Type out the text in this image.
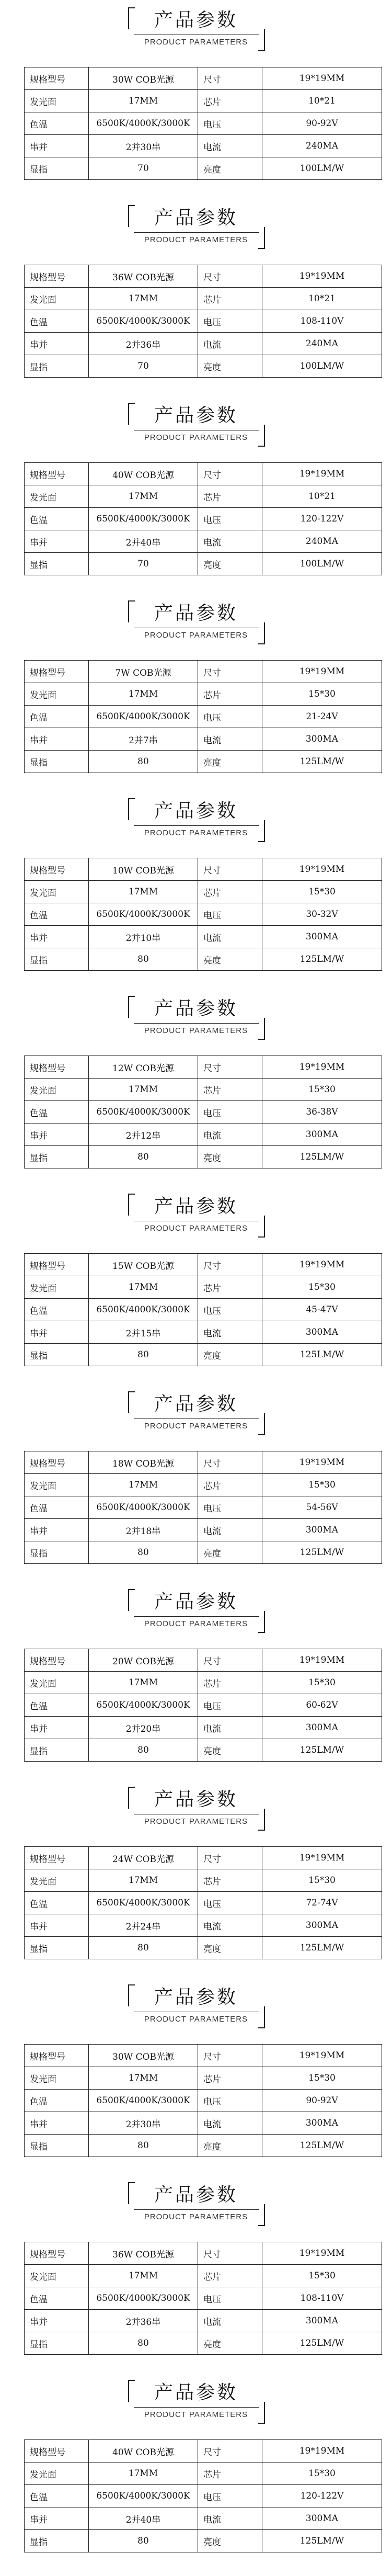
产品参数
PRODUCT PARAMETERS
规格型号	30W COB光源	尺寸	19*19MM
发光面	17MM	芯片	10*21
色温	6500K/4000K/3000K	电压	90-92V
串并	2并30串	电流	240MA
显指	70	亮度	100LM/W
产品参数
PRODUCT PARAMETERS
规格型号	36W COB光源	尺寸	19*19MM
发光面	17MM	芯片	10*21
色温	6500K/4000K/3000K	电压	108-110V
串并	2并36串	电流	240MA
显指	70	亮度	100LM/W
产品参数
PRODUCT PARAMETERS
规格型号	40W COB光源	尺寸	19*19MM
发光面	17MM	芯片	10*21
色温	6500K/4000K/3000K	电压	120-122V
串并	2并40串	电流	240MA
显指	70	亮度	100LM/W
产品参数
PRODUCT PARAMETERS
规格型号	7W COB光源	尺寸	19*19MM
发光面	17MM	芯片	15*30
色温	6500K/4000K/3000K	电压	21-24V
串并	2并7串	电流	300MA
显指	80	亮度	125LM/W
产品参数
PRODUCT PARAMETERS
规格型号	10W COB光源	尺寸	19*19MM
发光面	17MM	芯片	15*30
色温	6500K/4000K/3000K	电压	30-32V
串并	2并10串	电流	300MA
显指	80	亮度	125LM/W
产品参数
PRODUCT PARAMETERS
规格型号	12W COB光源	尺寸	19*19MM
发光面	17MM	芯片	15*30
色温	6500K/4000K/3000K	电压	36-38V
串并	2并12串	电流	300MA
显指	80	亮度	125LM/W
产品参数
PRODUCT PARAMETERS
规格型号	15W COB光源	尺寸	19*19MM
发光面	17MM	芯片	15*30
色温	6500K/4000K/3000K	电压	45-47V
串并	2并15串	电流	300MA
显指	80	亮度	125LM/W
产品参数
PRODUCT PARAMETERS
规格型号	18W COB光源	尺寸	19*19MM
发光面	17MM	芯片	15*30
色温	6500K/4000K/3000K	电压	54-56V
串并	2并18串	电流	300MA
显指	80	亮度	125LM/W
产品参数
PRODUCT PARAMETERS
规格型号	20W COB光源	尺寸	19*19MM
发光面	17MM	芯片	15*30
色温	6500K/4000K/3000K	电压	60-62V
串并	2并20串	电流	300MA
显指	80	亮度	125LM/W
产品参数
PRODUCT PARAMETERS
规格型号	24W COB光源	尺寸	19*19MM
发光面	17MM	芯片	15*30
色温	6500K/4000K/3000K	电压	72-74V
串并	2并24串	电流	300MA
显指	80	亮度	125LM/W
产品参数
PRODUCT PARAMETERS
规格型号	30W COB光源	尺寸	19*19MM
发光面	17MM	芯片	15*30
色温	6500K/4000K/3000K	电压	90-92V
串并	2并30串	电流	300MA
显指	80	亮度	125LM/W
产品参数
PRODUCT PARAMETERS
规格型号	36W COB光源	尺寸	19*19MM
发光面	17MM	芯片	15*30
色温	6500K/4000K/3000K	电压	108-110V
串并	2并36串	电流	300MA
显指	80	亮度	125LM/W
产品参数
PRODUCT PARAMETERS
规格型号	40W COB光源	尺寸	19*19MM
发光面	17MM	芯片	15*30
色温	6500K/4000K/3000K	电压	120-122V
串并	2并40串	电流	300MA
显指	80	亮度	125LM/W
